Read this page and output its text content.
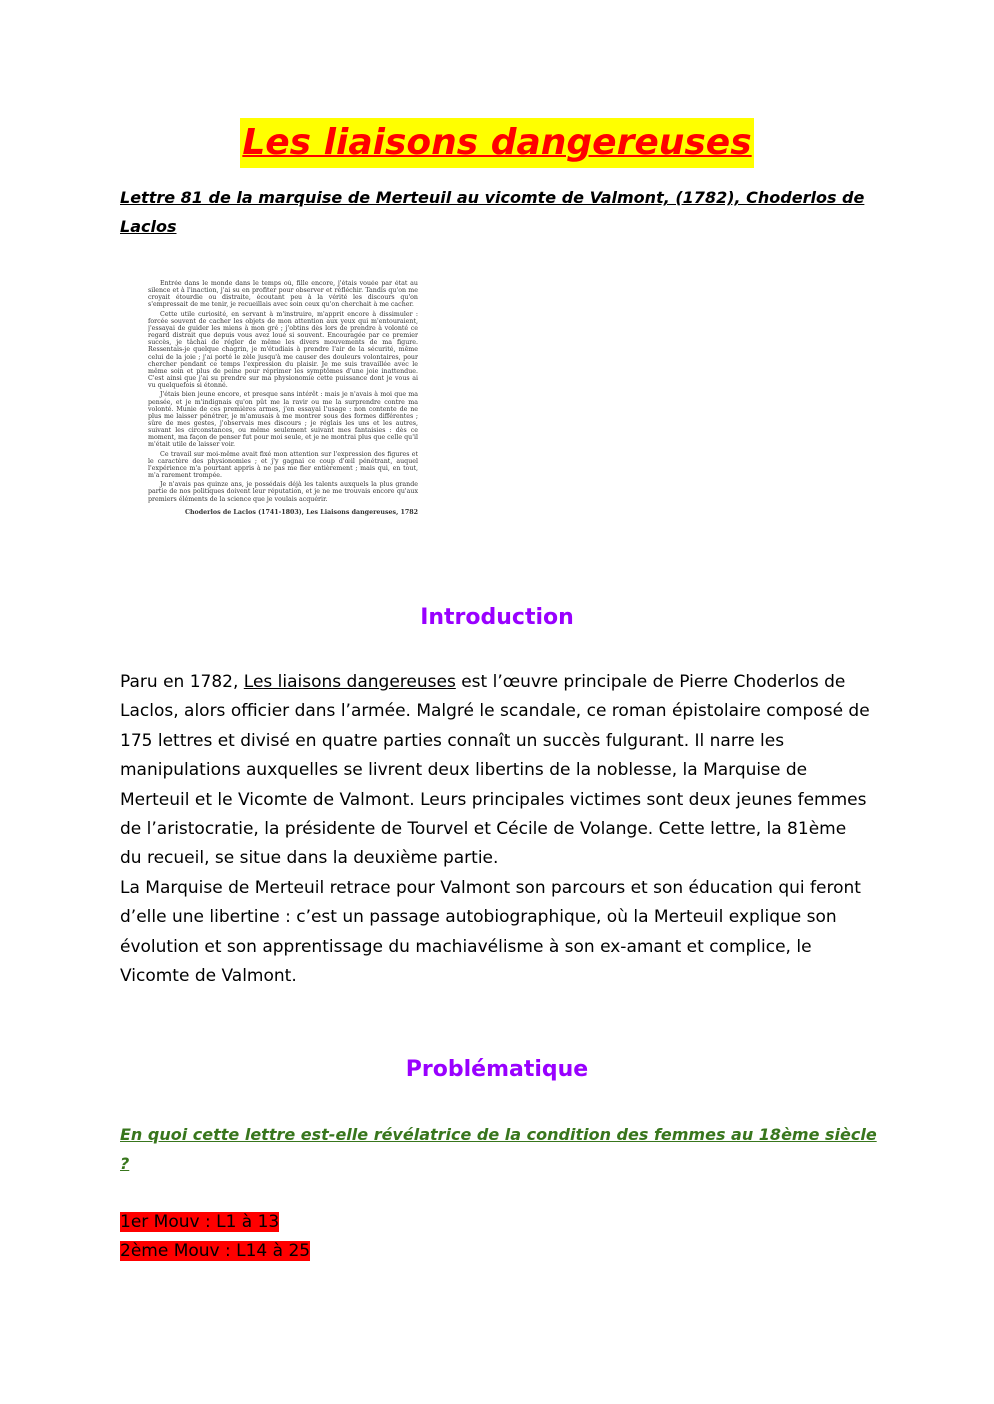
Les liaisons dangereuses
Lettre 81 de la marquise de Merteuil au vicomte de Valmont, (1782), Choderlos de Laclos

Entrée dans le monde dans le temps où, fille encore, j'étais vouée par état au silence et à l'inaction, j'ai su en profiter pour observer et réfléchir. Tandis qu'on me croyait étourdie ou distraite, écoutant peu à la vérité les discours qu'on s'empressait de me tenir, je recueillais avec soin ceux qu'on cherchait à me cacher.

Cette utile curiosité, en servant à m'instruire, m'apprit encore à dissimuler : forcée souvent de cacher les objets de mon attention aux yeux qui m'entouraient, j'essayai de guider les miens à mon gré ; j'obtins dès lors de prendre à volonté ce regard distrait que depuis vous avez loué si souvent. Encouragée par ce premier succès, je tâchai de régler de même les divers mouvements de ma figure. Ressentais-je quelque chagrin, je m'étudiais à prendre l'air de la sécurité, même celui de la joie ; j'ai porté le zèle jusqu'à me causer des douleurs volontaires, pour chercher pendant ce temps l'expression du plaisir. Je me suis travaillée avec le même soin et plus de peine pour réprimer les symptômes d'une joie inattendue. C'est ainsi que j'ai su prendre sur ma physionomie cette puissance dont je vous ai vu quelquefois si étonné.

J'étais bien jeune encore, et presque sans intérêt : mais je n'avais à moi que ma pensée, et je m'indignais qu'on pût me la ravir ou me la surprendre contre ma volonté. Munie de ces premières armes, j'en essayai l'usage : non contente de ne plus me laisser pénétrer, je m'amusais à me montrer sous des formes différentes ; sûre de mes gestes, j'observais mes discours ; je réglais les uns et les autres, suivant les circonstances, ou même seulement suivant mes fantaisies : dès ce moment, ma façon de penser fut pour moi seule, et je ne montrai plus que celle qu'il m'était utile de laisser voir.

Ce travail sur moi-même avait fixé mon attention sur l'expression des figures et le caractère des physionomies ; et j'y gagnai ce coup d'œil pénétrant, auquel l'expérience m'a pourtant appris à ne pas me fier entièrement ; mais qui, en tout, m'a rarement trompée.

Je n'avais pas quinze ans, je possédais déjà les talents auxquels la plus grande partie de nos politiques doivent leur réputation, et je ne me trouvais encore qu'aux premiers éléments de la science que je voulais acquérir.

Choderlos de Laclos (1741-1803), Les Liaisons dangereuses, 1782

Introduction

Paru en 1782, Les liaisons dangereuses est l’œuvre principale de Pierre Choderlos de Laclos, alors officier dans l’armée. Malgré le scandale, ce roman épistolaire composé de 175 lettres et divisé en quatre parties connaît un succès fulgurant. Il narre les manipulations auxquelles se livrent deux libertins de la noblesse, la Marquise de Merteuil et le Vicomte de Valmont. Leurs principales victimes sont deux jeunes femmes de l’aristocratie, la présidente de Tourvel et Cécile de Volange. Cette lettre, la 81ème du recueil, se situe dans la deuxième partie.

La Marquise de Merteuil retrace pour Valmont son parcours et son éducation qui feront d’elle une libertine : c’est un passage autobiographique, où la Merteuil explique son évolution et son apprentissage du machiavélisme à son ex-amant et complice, le Vicomte de Valmont.

Problématique
En quoi cette lettre est-elle révélatrice de la condition des femmes au 18ème siècle ?
1er Mouv : L1 à 13
2ème Mouv : L14 à 25
